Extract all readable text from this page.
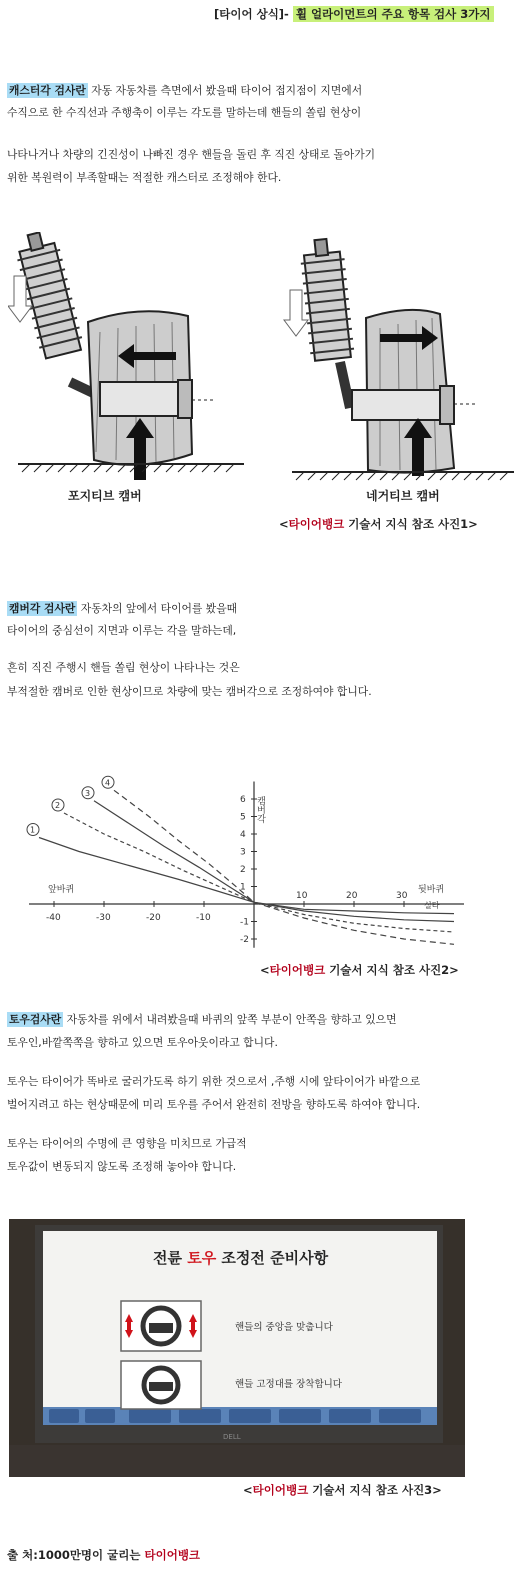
[타이어 상식]- 휠 얼라이먼트의 주요 항목 검사 3가지
캐스터각 검사란 자동 자동차를 측면에서 봤을때 타이어 접지점이 지면에서
수직으로 한 수직선과 주행축이 이루는 각도를 말하는데 핸들의 쏠림 현상이
나타나거나 차량의 긴진성이 나빠진 경우 핸들을 돌린 후 직진 상태로 돌아가기
위한 복원력이 부족할때는 적절한 캐스터로 조정해야 한다.
포지티브 캠버	네거티브 캠버
<타이어뱅크 기술서 지식 참조 사진1>
캠버각 검사란 자동차의 앞에서 타이어를 봤을때
타이어의 중심선이 지면과 이루는 각을 말하는데,
흔히 직진 주행시 핸들 쏠림 현상이 나타나는 것은
부적절한 캠버로 인한 현상이므로 차량에 맞는 캠버각으로 조정하여야 합니다.
1
2
3
4
-40	-30	-20	-10
10	20	30
-2
-1
1
2
3
4
5
6 캠버각
앞바퀴	뒷바퀴
실타
<타이어뱅크 기술서 지식 참조 사진2>
토우검사란 자동차를 위에서 내려봤을때 바퀴의 앞쪽 부분이 안쪽을 향하고 있으면
토우인,바깥쪽쪽을 향하고 있으면 토우아웃이라고 합니다.
토우는 타이어가 똑바로 굴러가도록 하기 위한 것으로서 ,주행 시에 앞타이어가 바깥으로
벌어지려고 하는 현상때문에 미리 토우를 주어서 완전히 전방을 향하도록 하여야 합니다.
토우는 타이어의 수명에 큰 영향을 미치므로 가급적
토우값이 변동되지 않도록 조정해 놓아야 합니다.
전륜 토우 조정전 준비사항
핸들의 중앙을 맞춥니다
핸들 고정대를 장착합니다
DELL
<타이어뱅크 기술서 지식 참조 사진3>
출 처:1000만명이 굴리는 타이어뱅크
